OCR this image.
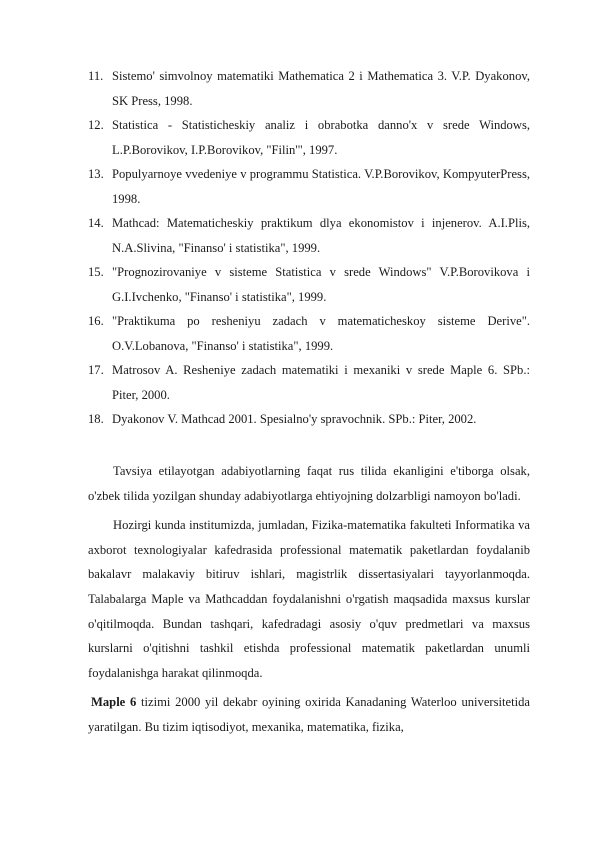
11. Sistemo' simvolnoy matematiki Mathematica 2 i Mathematica 3. V.P. Dyakonov, SK Press, 1998.
12. Statistica - Statisticheskiy analiz i obrabotka danno'x v srede Windows, L.P.Borovikov, I.P.Borovikov, "Filin'", 1997.
13. Populyarnoye vvedeniye v programmu Statistica. V.P.Borovikov, KompyuterPress, 1998.
14. Mathcad: Matematicheskiy praktikum dlya ekonomistov i injenerov. A.I.Plis, N.A.Slivina, "Finanso' i statistika", 1999.
15. "Prognozirovaniye v sisteme Statistica v srede Windows" V.P.Borovikova i G.I.Ivchenko, "Finanso' i statistika", 1999.
16. "Praktikuma po resheniyu zadach v matematicheskoy sisteme Derive". O.V.Lobanova, "Finanso' i statistika", 1999.
17. Matrosov A. Resheniye zadach matematiki i mexaniki v srede Maple 6. SPb.: Piter, 2000.
18. Dyakonov V. Mathcad 2001. Spesialno'y spravochnik. SPb.: Piter, 2002.

Tavsiya etilayotgan adabiyotlarning faqat rus tilida ekanligini e'tiborga olsak, o'zbek tilida yozilgan shunday adabiyotlarga ehtiyojning dolzarbligi namoyon bo'ladi.

Hozirgi kunda institumizda, jumladan, Fizika-matematika fakulteti Informatika va axborot texnologiyalar kafedrasida professional matematik paketlardan foydalanib bakalavr malakaviy bitiruv ishlari, magistrlik dissertasiyalari tayyorlanmoqda. Talabalarga Maple va Mathcaddan foydalanishni o'rgatish maqsadida maxsus kurslar o'qitilmoqda. Bundan tashqari, kafedradagi asosiy o'quv predmetlari va maxsus kurslarni o'qitishni tashkil etishda professional matematik paketlardan unumli foydalanishga harakat qilinmoqda.

Maple 6 tizimi 2000 yil dekabr oyining oxirida Kanadaning Waterloo universitetida yaratilgan. Bu tizim iqtisodiyot, mexanika, matematika, fizika,
